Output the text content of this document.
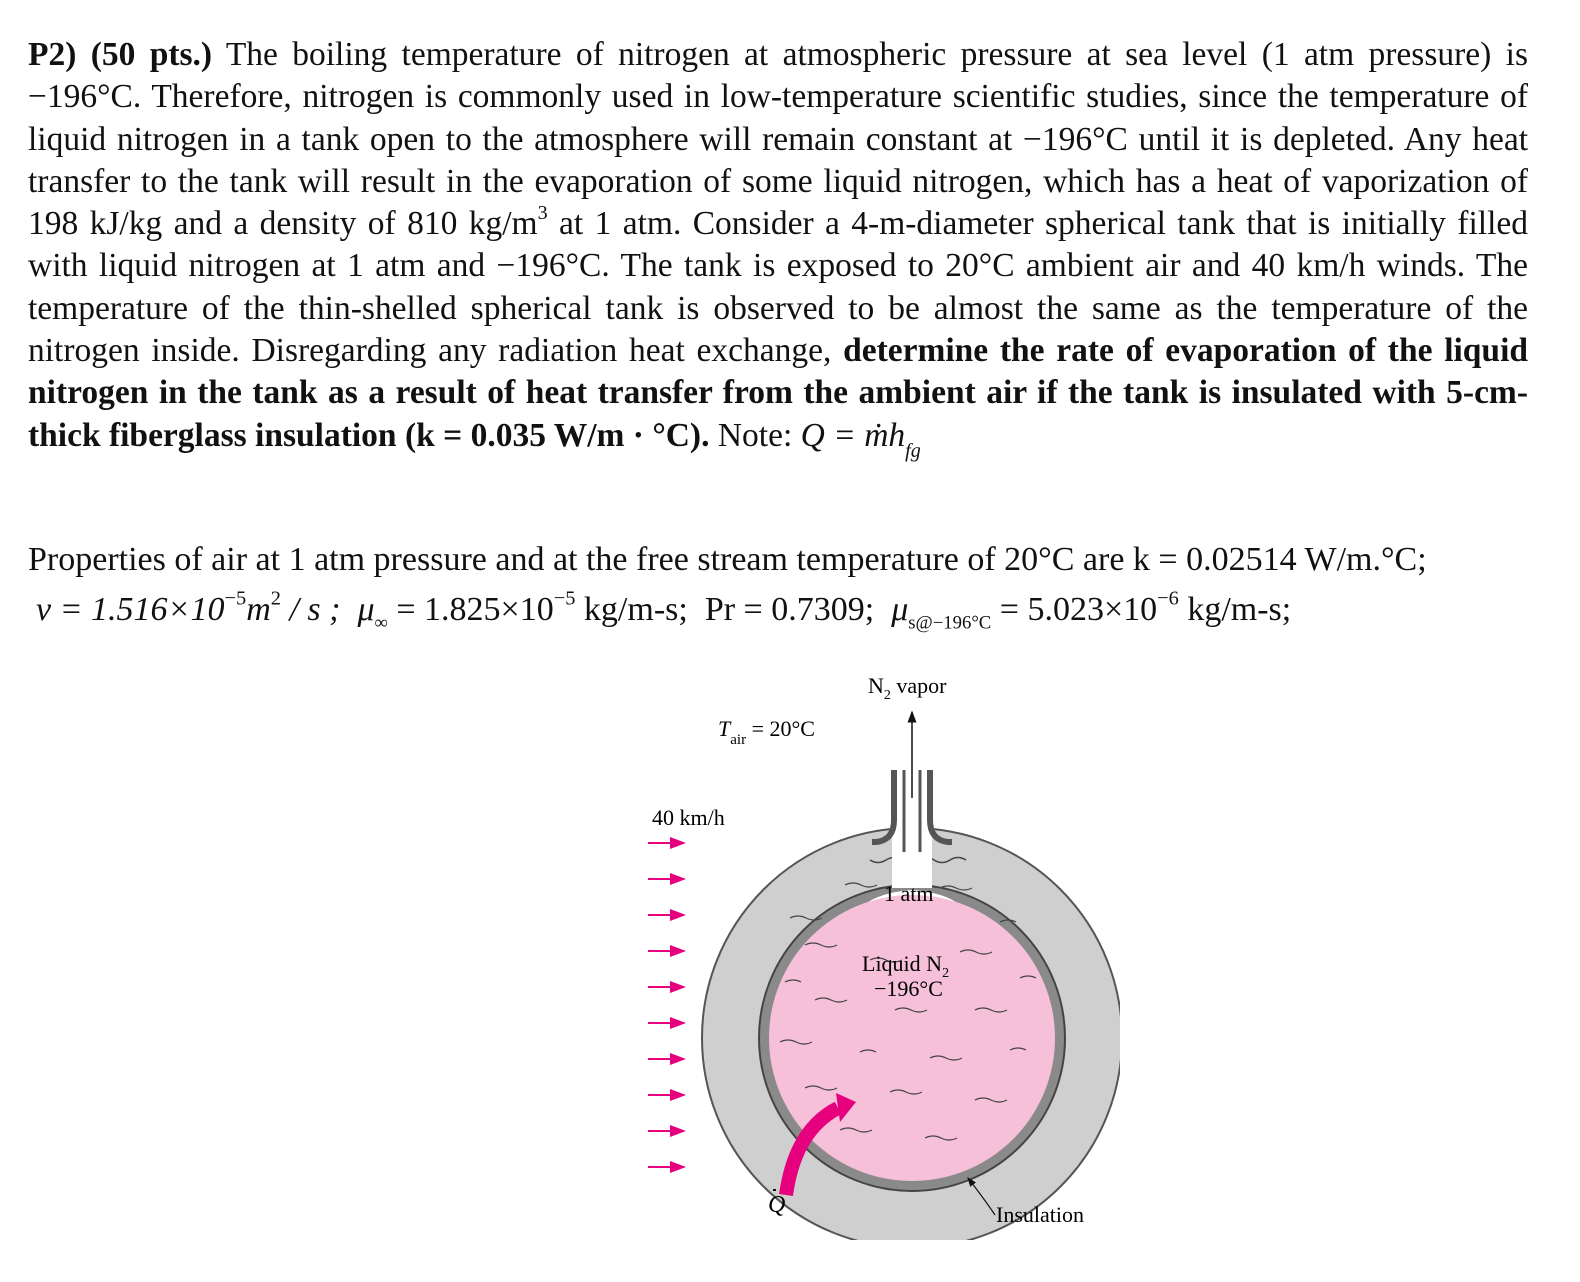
P2) (50 pts.) The boiling temperature of nitrogen at atmospheric pressure at sea level (1 atm pressure) is −196°C. Therefore, nitrogen is commonly used in low-temperature scientific studies, since the temperature of liquid nitrogen in a tank open to the atmosphere will remain constant at −196°C until it is depleted. Any heat transfer to the tank will result in the evaporation of some liquid nitrogen, which has a heat of vaporization of 198 kJ/kg and a density of 810 $kg/m^3$ at 1 atm. Consider a 4-m-diameter spherical tank that is initially filled with liquid nitrogen at 1 atm and −196°C. The tank is exposed to 20°C ambient air and 40 km/h winds. The temperature of the thin-shelled spherical tank is observed to be almost the same as the temperature of the nitrogen inside. Disregarding any radiation heat exchange, determine the rate of evaporation of the liquid nitrogen in the tank as a result of heat transfer from the ambient air if the tank is insulated with 5-cm-thick fiberglass insulation (k = 0.035 W/m · °C). Note: Q = ṁh$_{fg}$
Properties of air at 1 atm pressure and at the free stream temperature of 20°C are k = 0.02514 W/m.°C;
$\nu = 1.516\times 10^{-5}m^2 / s$ ; $\mu_\infty = 1.825\times 10^{-5}$ kg/m-s; Pr = 0.7309; $\mu_{s@-196^\circ C} = 5.023\times 10^{-6}$ kg/m-s;
$N_2$ vapor
$T_{air} = 20^\circ C$
40 km/h
1 atm
Liquid $N_2$
−196°C
Q	Insulation
